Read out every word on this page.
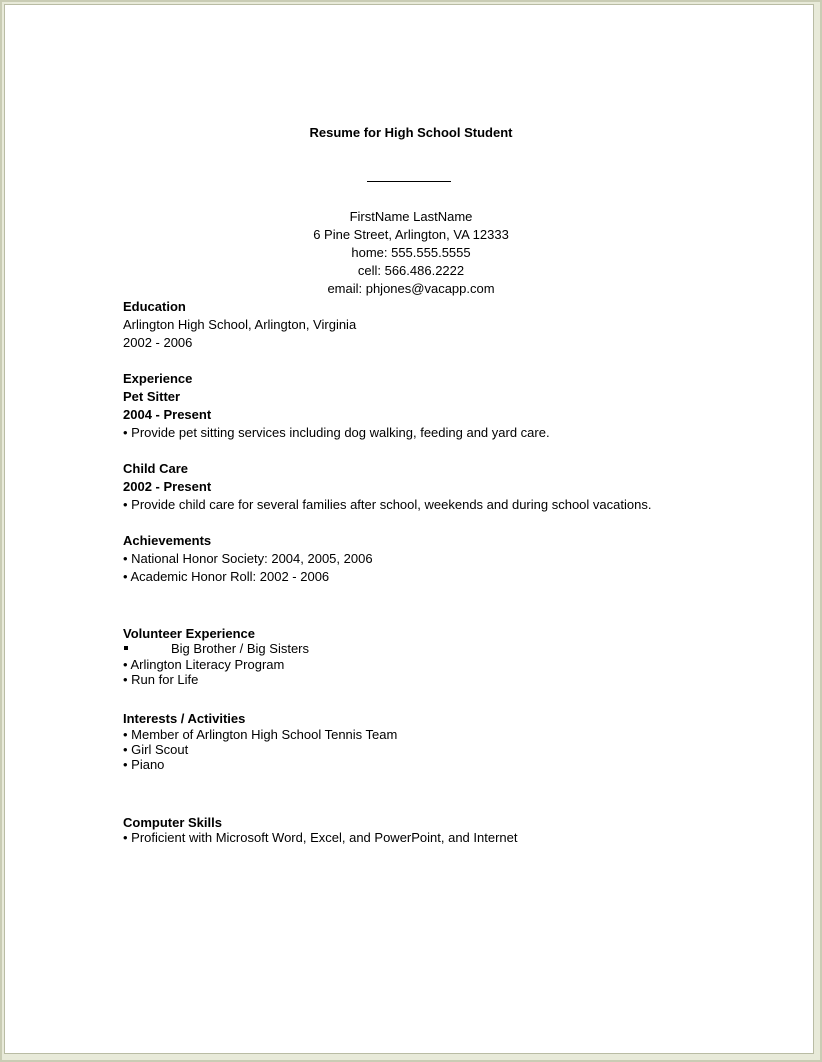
Resume for High School Student
FirstName LastName
6 Pine Street, Arlington, VA 12333
home: 555.555.5555
cell: 566.486.2222
email: phjones@vacapp.com
Education
Arlington High School, Arlington, Virginia
2002 - 2006
Experience
Pet Sitter
2004 - Present
• Provide pet sitting services including dog walking, feeding and yard care.
Child Care
2002 - Present
• Provide child care for several families after school, weekends and during school vacations.
Achievements
• National Honor Society: 2004, 2005, 2006
• Academic Honor Roll: 2002 - 2006
Volunteer Experience
Big Brother / Big Sisters
• Arlington Literacy Program
• Run for Life
Interests / Activities
• Member of Arlington High School Tennis Team
• Girl Scout
• Piano
Computer Skills
• Proficient with Microsoft Word, Excel, and PowerPoint, and Internet
